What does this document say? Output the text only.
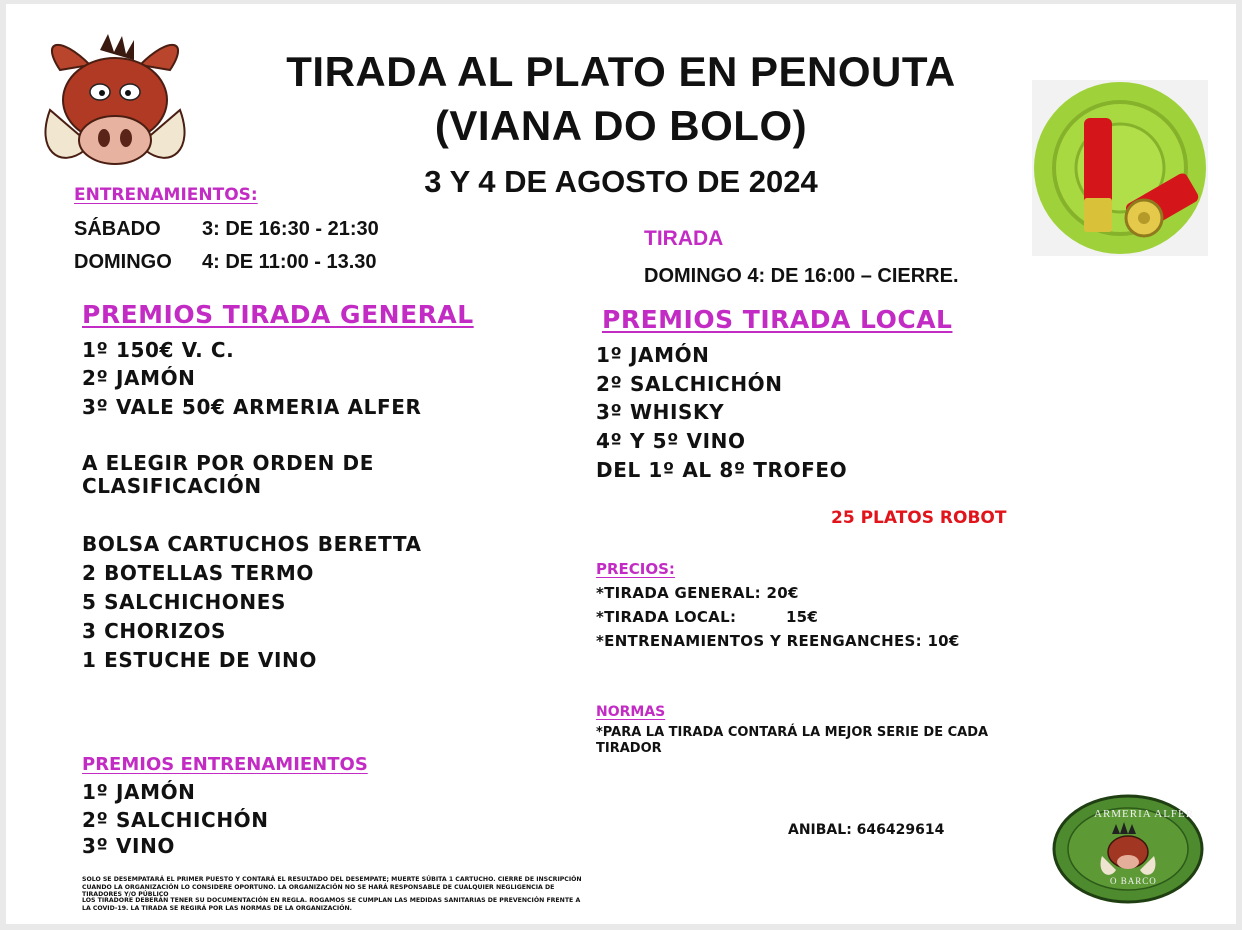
TIRADA AL PLATO EN PENOUTA
(VIANA DO BOLO)
3 Y 4 DE AGOSTO DE 2024
ENTRENAMIENTOS:
SÁBADO 3: DE 16:30 - 21:30
DOMINGO 4: DE 11:00 - 13.30
TIRADA
DOMINGO 4: DE 16:00 – CIERRE.
PREMIOS TIRADA GENERAL
1º 150€ V. C.
2º JAMÓN
3º VALE 50€ ARMERIA ALFER
A ELEGIR POR ORDEN DE
CLASIFICACIÓN
BOLSA CARTUCHOS BERETTA
2 BOTELLAS TERMO
5 SALCHICHONES
3 CHORIZOS
1 ESTUCHE DE VINO
PREMIOS TIRADA LOCAL
1º JAMÓN
2º SALCHICHÓN
3º WHISKY
4º Y 5º VINO
DEL 1º AL 8º TROFEO
25 PLATOS ROBOT
PRECIOS:
*TIRADA GENERAL: 20€
*TIRADA LOCAL:         15€
*ENTRENAMIENTOS Y REENGANCHES: 10€
NORMAS
*PARA LA TIRADA CONTARÁ LA MEJOR SERIE DE CADA
TIRADOR
PREMIOS ENTRENAMIENTOS
1º JAMÓN
2º SALCHICHÓN
3º VINO
ANIBAL: 646429614
ARMERIA ALFER
O BARCO
SOLO SE DESEMPATARÁ EL PRIMER PUESTO Y CONTARÁ EL RESULTADO DEL DESEMPATE; MUERTE SÚBITA 1 CARTUCHO. CIERRE DE INSCRIPCIÓN CUANDO LA ORGANIZACIÓN LO CONSIDERE OPORTUNO. LA ORGANIZACIÓN NO SE HARÁ RESPONSABLE DE CUALQUIER NEGLIGENCIA DE TIRADORES Y/O PÚBLICO
LOS TIRADORE DEBERÁN TENER SU DOCUMENTACIÓN EN REGLA. ROGAMOS SE CUMPLAN LAS MEDIDAS SANITARIAS DE PREVENCIÓN FRENTE A LA COVID-19. LA TIRADA SE REGIRÁ POR LAS NORMAS DE LA ORGANIZACIÓN.
